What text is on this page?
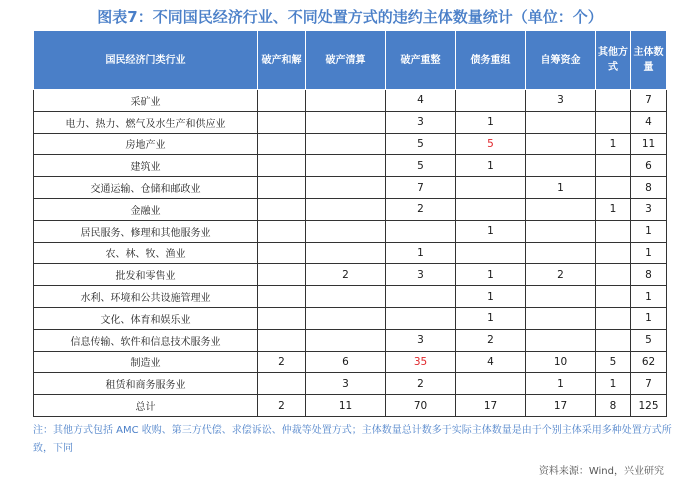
图表7：不同国民经济行业、不同处置方式的违约主体数量统计（单位：个）
国民经济门类行业	破产和解	破产清算	破产重整	债务重组	自筹资金	其他方式	主体数量
采矿业			4		3		7
电力、热力、燃气及水生产和供应业			3	1			4
房地产业			5	5		1	11
建筑业			5	1			6
交通运输、仓储和邮政业			7		1		8
金融业			2			1	3
居民服务、修理和其他服务业				1			1
农、林、牧、渔业			1				1
批发和零售业		2	3	1	2		8
水利、环境和公共设施管理业				1			1
文化、体育和娱乐业				1			1
信息传输、软件和信息技术服务业			3	2			5
制造业	2	6	35	4	10	5	62
租赁和商务服务业		3	2		1	1	7
总计	2	11	70	17	17	8	125
注：其他方式包括 AMC 收购、第三方代偿、求偿诉讼、仲裁等处置方式；主体数量总计数多于实际主体数量是由于个别主体采用多种处置方式所致，下同
资料来源：Wind，兴业研究
